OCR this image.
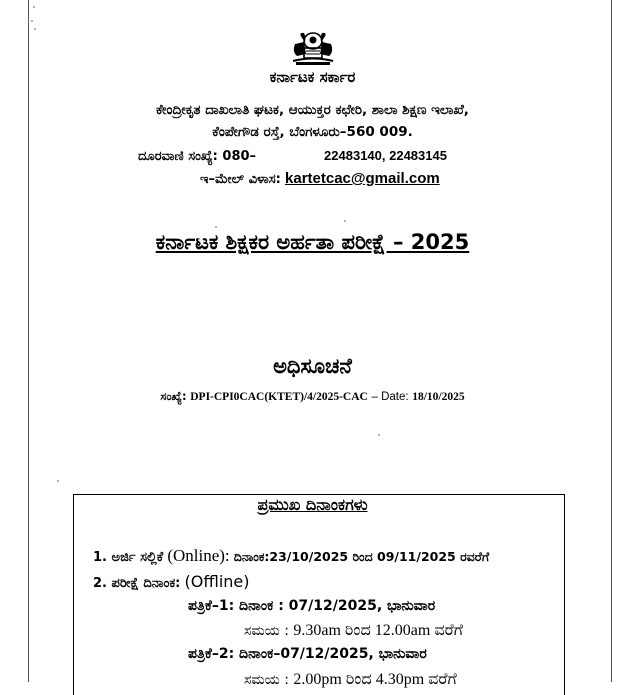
ಕರ್ನಾಟಕ ಸರ್ಕಾರ
ಕೇಂದ್ರೀಕೃತ ದಾಖಲಾತಿ ಘಟಕ, ಆಯುಕ್ತರ ಕಛೇರಿ, ಶಾಲಾ ಶಿಕ್ಷಣ ಇಲಾಖೆ,
ಕೆಂಪೇಗೌಡ ರಸ್ತೆ, ಬೆಂಗಳೂರು–560 009.
ದೂರವಾಣಿ ಸಂಖ್ಯೆ: 080–	22483140, 22483145
ಇ–ಮೇಲ್ ವಿಳಾಸ: kartetcac@gmail.com
ಕರ್ನಾಟಕ ಶಿಕ್ಷಕರ ಅರ್ಹತಾ ಪರೀಕ್ಷೆ – 2025
ಅಧಿಸೂಚನೆ
ಸಂಖ್ಯೆ: DPI-CPI0CAC(KTET)/4/2025-CAC – Date: 18/10/2025
ಪ್ರಮುಖ ದಿನಾಂಕಗಳು
1. ಅರ್ಜಿ ಸಲ್ಲಿಕೆ (Online): ದಿನಾಂಕ:23/10/2025 ರಿಂದ 09/11/2025 ರವರೆಗೆ
2. ಪರೀಕ್ಷೆ ದಿನಾಂಕ: (Offline)
ಪತ್ರಿಕೆ–1: ದಿನಾಂಕ : 07/12/2025, ಭಾನುವಾರ
ಸಮಯ : 9.30am ರಿಂದ 12.00am ವರೆಗೆ
ಪತ್ರಿಕೆ–2: ದಿನಾಂಕ–07/12/2025, ಭಾನುವಾರ
ಸಮಯ : 2.00pm ರಿಂದ 4.30pm ವರೆಗೆ
